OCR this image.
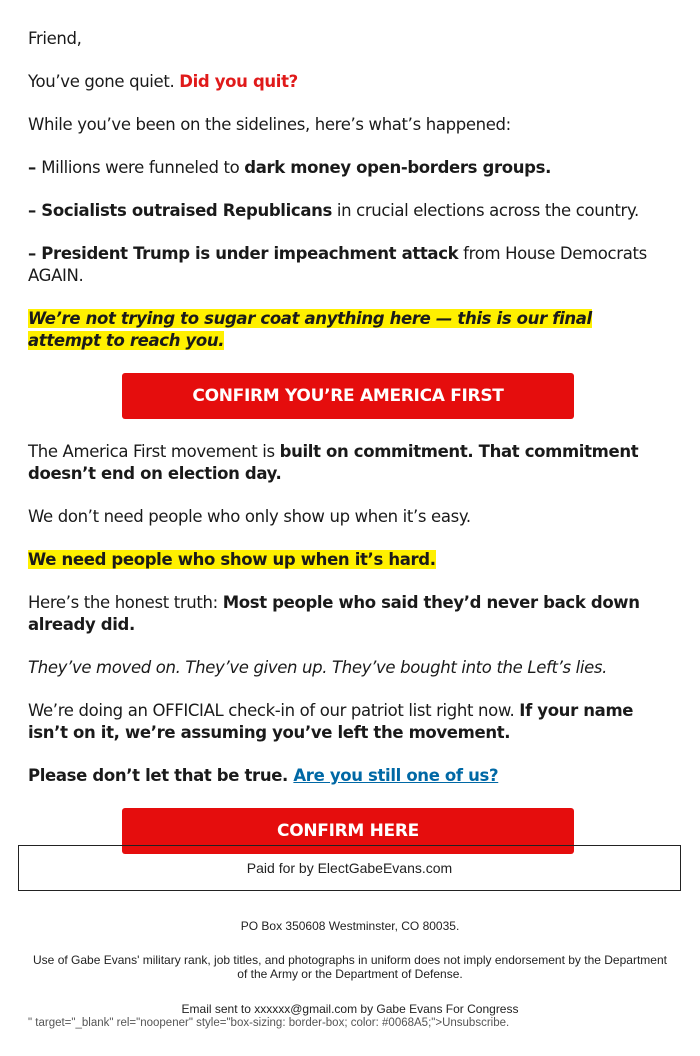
Friend,

You’ve gone quiet. Did you quit?

While you’ve been on the sidelines, here’s what’s happened:

– Millions were funneled to dark money open-borders groups.

– Socialists outraised Republicans in crucial elections across the country.

– President Trump is under impeachment attack from House Democrats AGAIN.

We’re not trying to sugar coat anything here — this is our final attempt to reach you.

CONFIRM YOU’RE AMERICA FIRST

The America First movement is built on commitment. That commitment doesn’t end on election day.

We don’t need people who only show up when it’s easy.

We need people who show up when it’s hard.

Here’s the honest truth: Most people who said they’d never back down already did.

They’ve moved on. They’ve given up. They’ve bought into the Left’s lies.

We’re doing an OFFICIAL check-in of our patriot list right now. If your name isn’t on it, we’re assuming you’ve left the movement.

Please don’t let that be true. Are you still one of us?

CONFIRM HERE
Paid for by ElectGabeEvans.com
PO Box 350608 Westminster, CO 80035.
Use of Gabe Evans' military rank, job titles, and photographs in uniform does not imply endorsement by the Department of the Army or the Department of Defense.
Email sent to xxxxxx@gmail.com by Gabe Evans For Congress
" target="_blank" rel="noopener" style="box-sizing: border-box; color: #0068A5;">Unsubscribe.
